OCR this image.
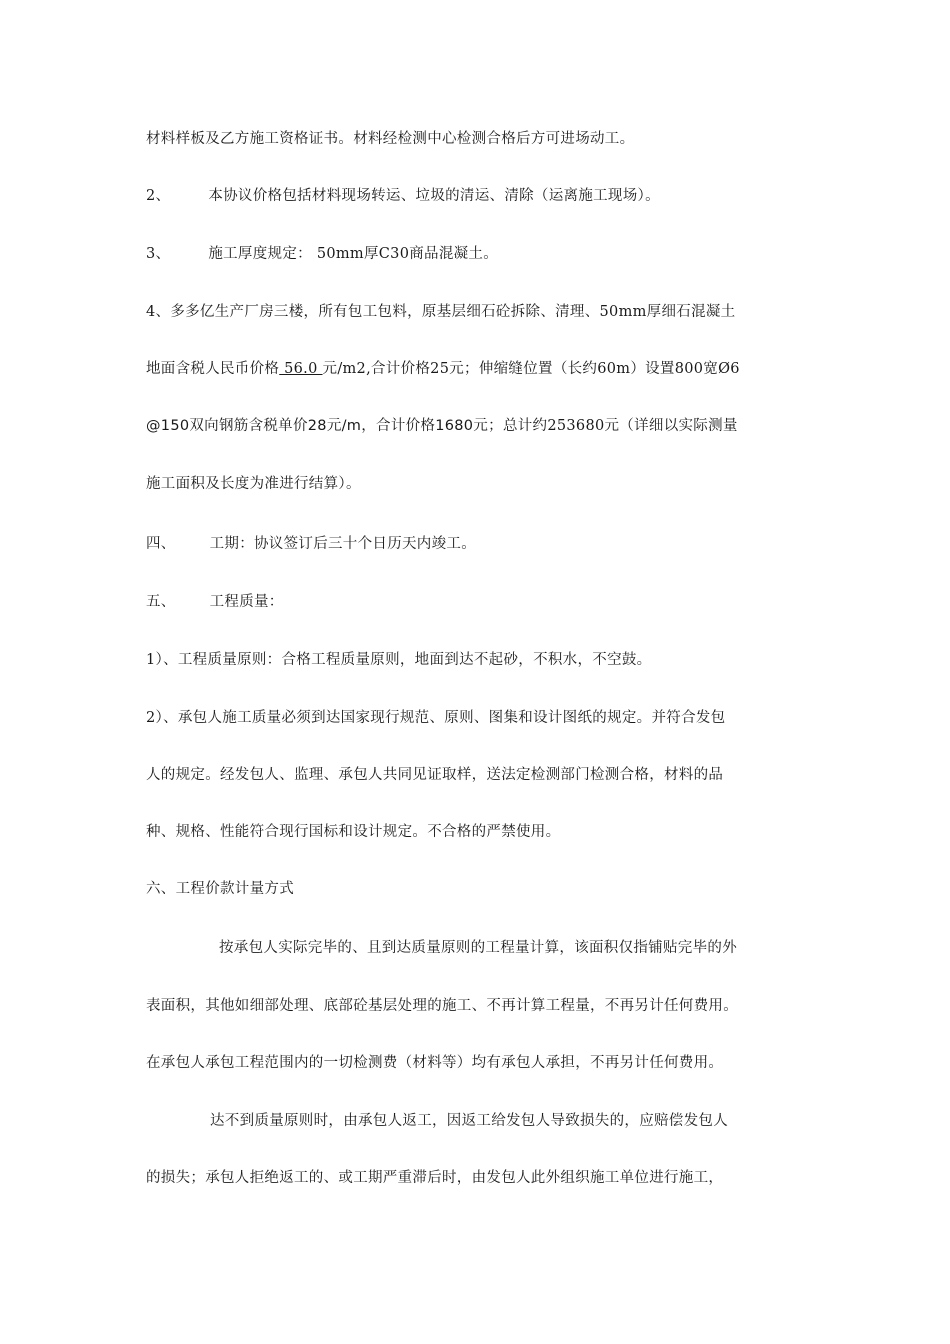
材料样板及乙方施工资格证书。材料经检测中心检测合格后方可进场动工。
2、	本协议价格包括材料现场转运、垃圾的清运、清除（运离施工现场）。
3、	施工厚度规定： 50mm厚C30商品混凝土。
4、多多亿生产厂房三楼，所有包工包料，原基层细石砼拆除、清理、50mm厚细石混凝土
地面含税人民币价格 56.0 元/m2,合计价格25元；伸缩缝位置（长约60m）设置800宽Ø6
@150双向钢筋含税单价28元/m，合计价格1680元；总计约253680元（详细以实际测量
施工面积及长度为准进行结算）。
四、 工期：协议签订后三十个日历天内竣工。
五、 工程质量：
1）、工程质量原则：合格工程质量原则，地面到达不起砂，不积水，不空鼓。
2）、承包人施工质量必须到达国家现行规范、原则、图集和设计图纸的规定。并符合发包
人的规定。经发包人、监理、承包人共同见证取样，送法定检测部门检测合格，材料的品
种、规格、性能符合现行国标和设计规定。不合格的严禁使用。
六、工程价款计量方式
按承包人实际完毕的、且到达质量原则的工程量计算，该面积仅指铺贴完毕的外
表面积，其他如细部处理、底部砼基层处理的施工、不再计算工程量，不再另计任何费用。
在承包人承包工程范围内的一切检测费（材料等）均有承包人承担，不再另计任何费用。
达不到质量原则时，由承包人返工，因返工给发包人导致损失的，应赔偿发包人
的损失；承包人拒绝返工的、或工期严重滞后时，由发包人此外组织施工单位进行施工，
